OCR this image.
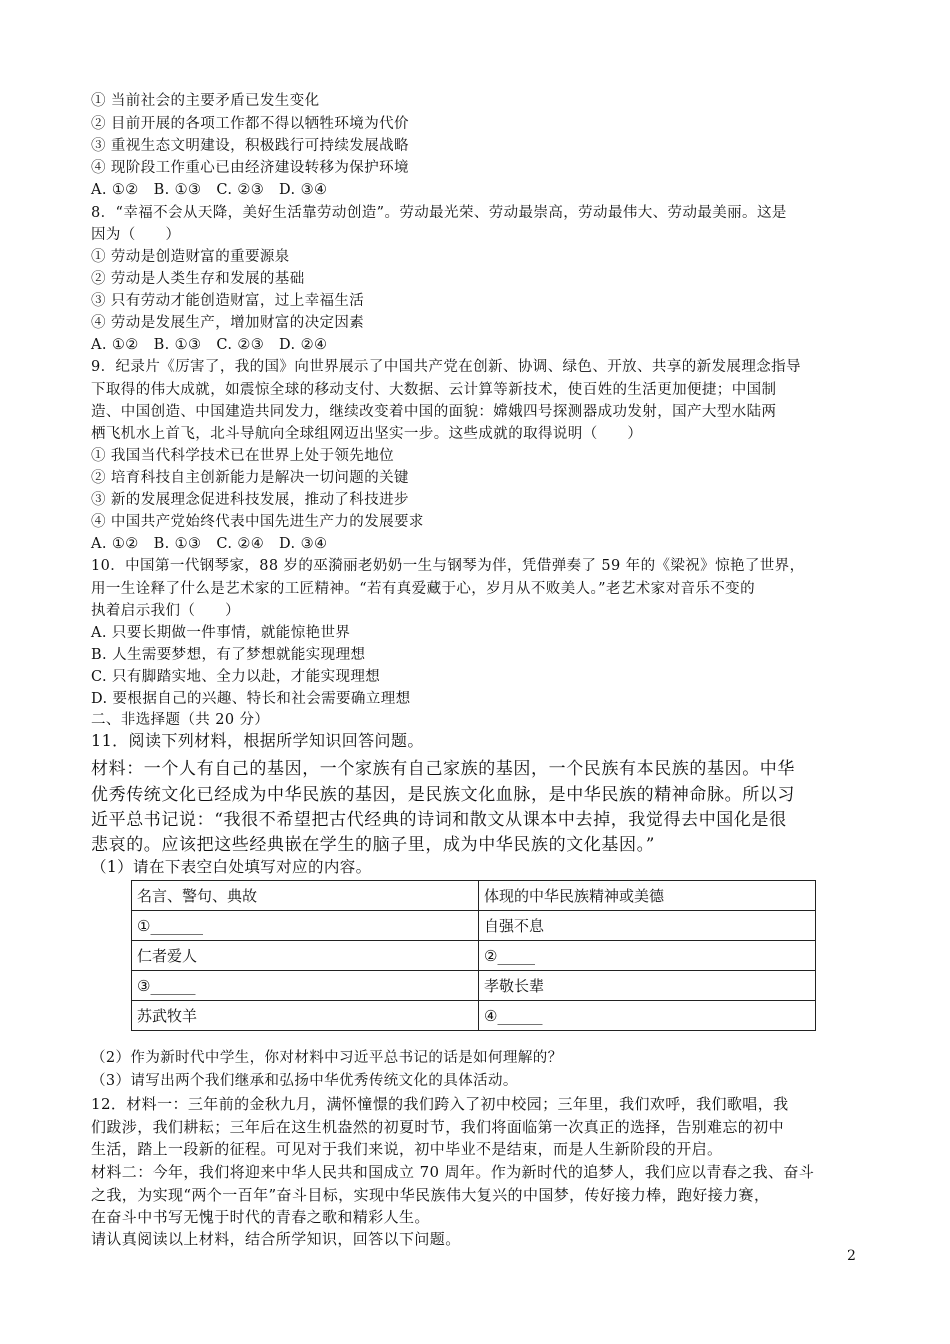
① 当前社会的主要矛盾已发生变化
② 目前开展的各项工作都不得以牺牲环境为代价
③ 重视生态文明建设，积极践行可持续发展战略
④ 现阶段工作重心已由经济建设转移为保护环境
A. ①②　B. ①③　C. ②③　D. ③④
8．“幸福不会从天降，美好生活靠劳动创造”。劳动最光荣、劳动最崇高，劳动最伟大、劳动最美丽。这是
因为（　　）
① 劳动是创造财富的重要源泉
② 劳动是人类生存和发展的基础
③ 只有劳动才能创造财富，过上幸福生活
④ 劳动是发展生产，增加财富的决定因素
A. ①②　B. ①③　C. ②③　D. ②④
9．纪录片《厉害了，我的国》向世界展示了中国共产党在创新、协调、绿色、开放、共享的新发展理念指导
下取得的伟大成就，如震惊全球的移动支付、大数据、云计算等新技术，使百姓的生活更加便捷；中国制
造、中国创造、中国建造共同发力，继续改变着中国的面貌：嫦娥四号探测器成功发射，国产大型水陆两
栖飞机水上首飞，北斗导航向全球组网迈出坚实一步。这些成就的取得说明（　　）
① 我国当代科学技术已在世界上处于领先地位
② 培育科技自主创新能力是解决一切问题的关键
③ 新的发展理念促进科技发展，推动了科技进步
④ 中国共产党始终代表中国先进生产力的发展要求
A. ①②　B. ①③　C. ②④　D. ③④
10．中国第一代钢琴家，88 岁的巫漪丽老奶奶一生与钢琴为伴，凭借弹奏了 59 年的《梁祝》惊艳了世界，
用一生诠释了什么是艺术家的工匠精神。“若有真爱藏于心，岁月从不败美人。”老艺术家对音乐不变的
执着启示我们（　　）
A. 只要长期做一件事情，就能惊艳世界
B. 人生需要梦想，有了梦想就能实现理想
C. 只有脚踏实地、全力以赴，才能实现理想
D. 要根据自己的兴趣、特长和社会需要确立理想
二、非选择题（共 20 分）
11．阅读下列材料，根据所学知识回答问题。
材料：一个人有自己的基因，一个家族有自己家族的基因，一个民族有本民族的基因。中华
优秀传统文化已经成为中华民族的基因，是民族文化血脉，是中华民族的精神命脉。所以习
近平总书记说：“我很不希望把古代经典的诗词和散文从课本中去掉，我觉得去中国化是很
悲哀的。应该把这些经典嵌在学生的脑子里，成为中华民族的文化基因。”
（1）请在下表空白处填写对应的内容。
名言、警句、典故	体现的中华民族精神或美德
①_______	自强不息
仁者爱人	②_____
③______	孝敬长辈
苏武牧羊	④______
（2）作为新时代中学生，你对材料中习近平总书记的话是如何理解的？
（3）请写出两个我们继承和弘扬中华优秀传统文化的具体活动。
12．材料一：三年前的金秋九月，满怀憧憬的我们跨入了初中校园；三年里，我们欢呼，我们歌唱，我
们跋涉，我们耕耘；三年后在这生机盎然的初夏时节，我们将面临第一次真正的选择，告别难忘的初中
生活，踏上一段新的征程。可见对于我们来说，初中毕业不是结束，而是人生新阶段的开启。
材料二：今年，我们将迎来中华人民共和国成立 70 周年。作为新时代的追梦人，我们应以青春之我、奋斗
之我，为实现“两个一百年”奋斗目标，实现中华民族伟大复兴的中国梦，传好接力棒，跑好接力赛，
在奋斗中书写无愧于时代的青春之歌和精彩人生。
请认真阅读以上材料，结合所学知识，回答以下问题。
2
